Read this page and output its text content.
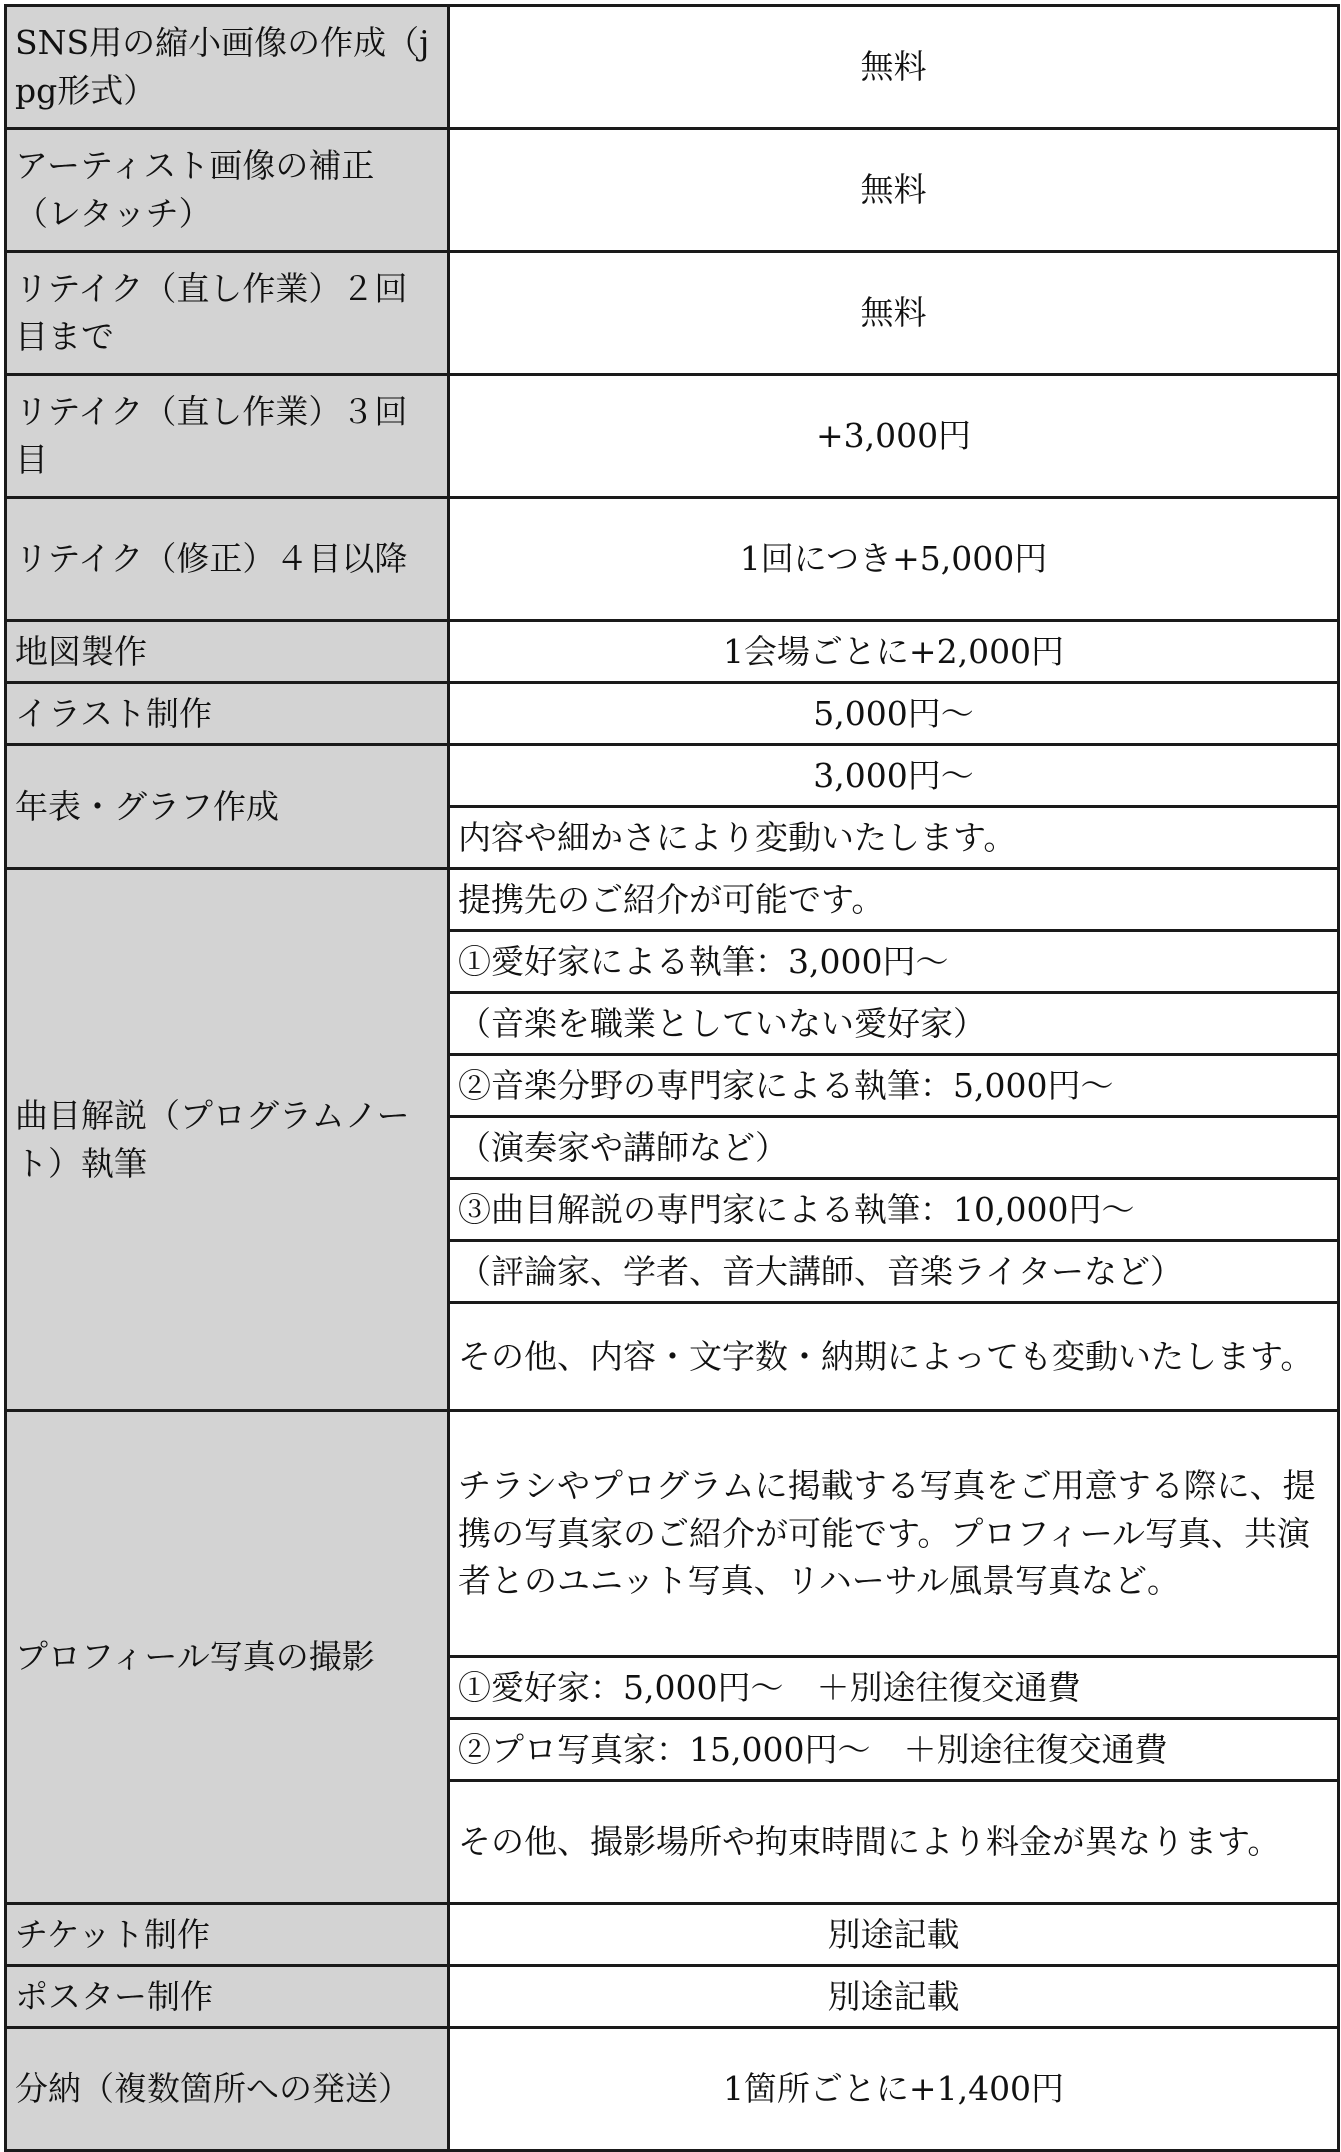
SNS用の縮小画像の作成（jpg形式）	無料
アーティスト画像の補正（レタッチ）	無料
リテイク（直し作業）２回目まで	無料
リテイク（直し作業）３回目	+3,000円
リテイク（修正）４目以降	1回につき+5,000円
地図製作	1会場ごとに+2,000円
イラスト制作	5,000円〜
年表・グラフ作成	3,000円〜
	内容や細かさにより変動いたします。
曲目解説（プログラムノート）執筆	提携先のご紹介が可能です。
	①愛好家による執筆：3,000円〜
	（音楽を職業としていない愛好家）
	②音楽分野の専門家による執筆：5,000円〜
	（演奏家や講師など）
	③曲目解説の専門家による執筆：10,000円〜
	（評論家、学者、音大講師、音楽ライターなど）
	その他、内容・文字数・納期によっても変動いたします。
プロフィール写真の撮影	チラシやプログラムに掲載する写真をご用意する際に、提携の写真家のご紹介が可能です。プロフィール写真、共演者とのユニット写真、リハーサル風景写真など。
	①愛好家：5,000円〜　＋別途往復交通費
	②プロ写真家：15,000円〜　＋別途往復交通費
	その他、撮影場所や拘束時間により料金が異なります。
チケット制作	別途記載
ポスター制作	別途記載
分納（複数箇所への発送）	1箇所ごとに+1,400円
